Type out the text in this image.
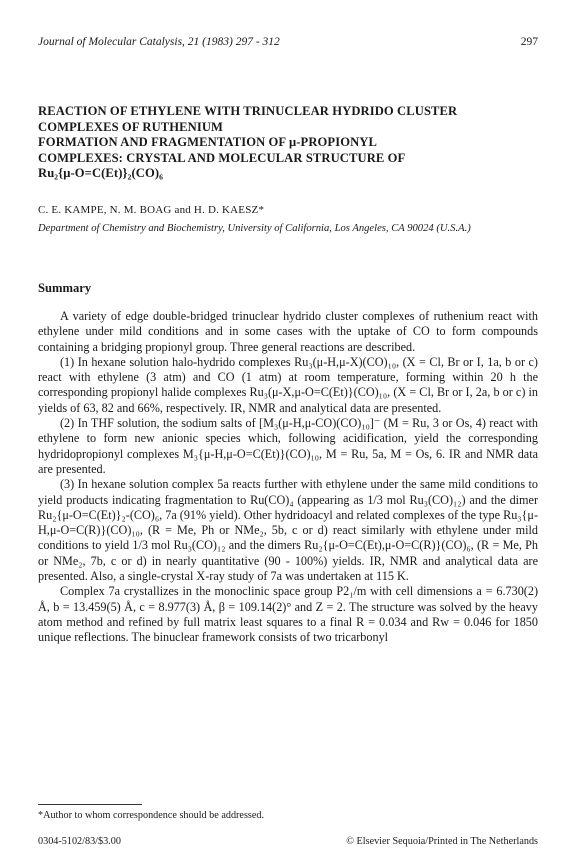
Journal of Molecular Catalysis, 21 (1983) 297 - 312	297
REACTION OF ETHYLENE WITH TRINUCLEAR HYDRIDO CLUSTER
COMPLEXES OF RUTHENIUM
FORMATION AND FRAGMENTATION OF μ-PROPIONYL
COMPLEXES: CRYSTAL AND MOLECULAR STRUCTURE OF
Ru₂{μ-O=C(Et)}₂(CO)₆
C. E. KAMPE, N. M. BOAG and H. D. KAESZ*
Department of Chemistry and Biochemistry, University of California, Los Angeles, CA 90024 (U.S.A.)
Summary

A variety of edge double-bridged trinuclear hydrido cluster complexes of ruthenium react with ethylene under mild conditions and in some cases with the uptake of CO to form compounds containing a bridging propionyl group. Three general reactions are described.

(1) In hexane solution halo-hydrido complexes Ru₃(μ-H,μ-X)(CO)₁₀, (X = Cl, Br or I, 1a, b or c) react with ethylene (3 atm) and CO (1 atm) at room temperature, forming within 20 h the corresponding propionyl halide complexes Ru₃(μ-X,μ-O=C(Et)}(CO)₁₀, (X = Cl, Br or I, 2a, b or c) in yields of 63, 82 and 66%, respectively. IR, NMR and analytical data are presented.

(2) In THF solution, the sodium salts of [M₃(μ-H,μ-CO)(CO)₁₀]⁻ (M = Ru, 3 or Os, 4) react with ethylene to form new anionic species which, following acidification, yield the corresponding hydridopropionyl complexes M₃{μ-H,μ-O=C(Et)}(CO)₁₀, M = Ru, 5a, M = Os, 6. IR and NMR data are presented.

(3) In hexane solution complex 5a reacts further with ethylene under the same mild conditions to yield products indicating fragmentation to Ru(CO)₄ (appearing as 1/3 mol Ru₃(CO)₁₂) and the dimer Ru₂{μ-O=C(Et)}₂-(CO)₆, 7a (91% yield). Other hydridoacyl and related complexes of the type Ru₃{μ-H,μ-O=C(R)}(CO)₁₀, (R = Me, Ph or NMe₂, 5b, c or d) react similarly with ethylene under mild conditions to yield 1/3 mol Ru₃(CO)₁₂ and the dimers Ru₂{μ-O=C(Et),μ-O=C(R)}(CO)₆, (R = Me, Ph or NMe₂, 7b, c or d) in nearly quantitative (90 - 100%) yields. IR, NMR and analytical data are presented. Also, a single-crystal X-ray study of 7a was undertaken at 115 K.

Complex 7a crystallizes in the monoclinic space group P2₁/m with cell dimensions a = 6.730(2) Å, b = 13.459(5) Å, c = 8.977(3) Å, β = 109.14(2)° and Z = 2. The structure was solved by the heavy atom method and refined by full matrix least squares to a final R = 0.034 and Rw = 0.046 for 1850 unique reflections. The binuclear framework consists of two tricarbonyl

*Author to whom correspondence should be addressed.
0304-5102/83/$3.00	© Elsevier Sequoia/Printed in The Netherlands
